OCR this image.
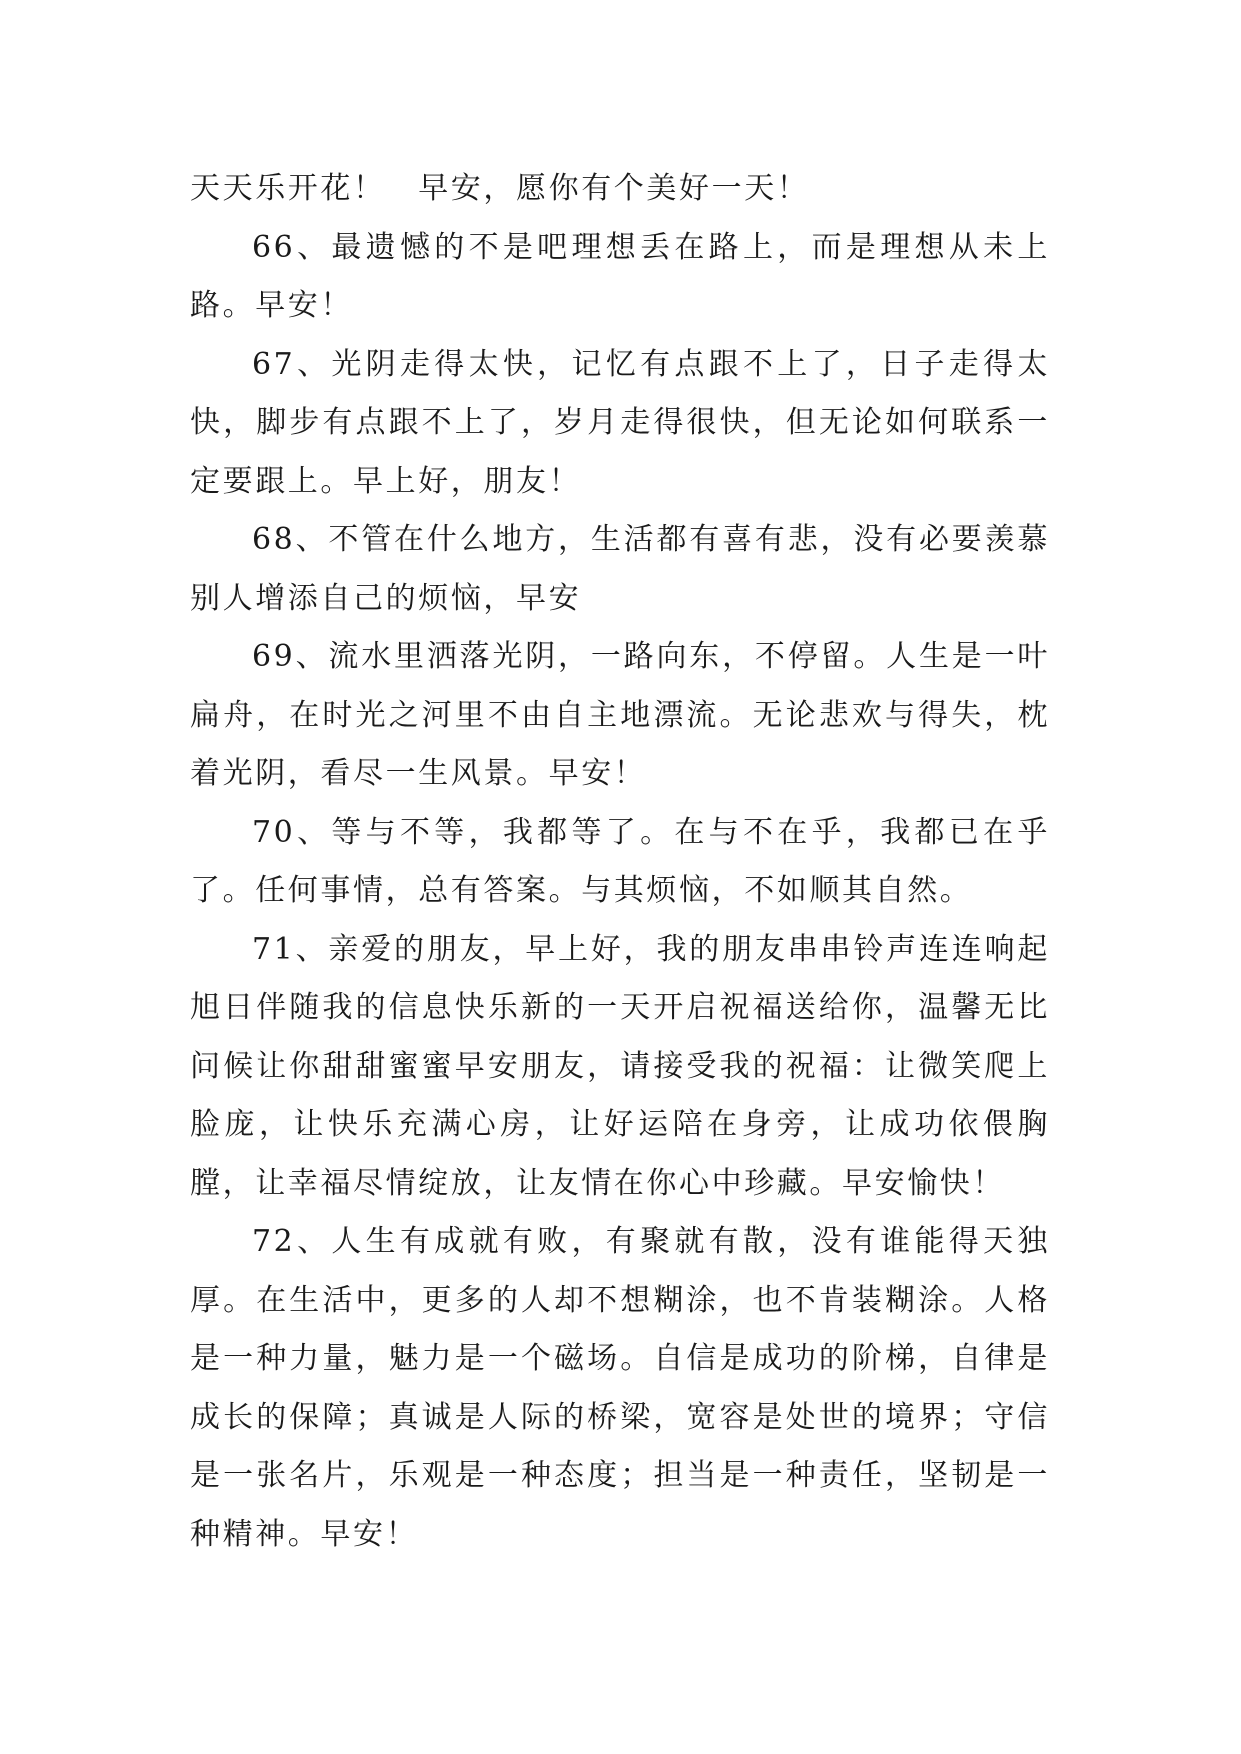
天天乐开花！　早安，愿你有个美好一天！

66、最遗憾的不是吧理想丢在路上，而是理想从未上路。早安！

67、光阴走得太快，记忆有点跟不上了，日子走得太快，脚步有点跟不上了，岁月走得很快，但无论如何联系一定要跟上。早上好，朋友！

68、不管在什么地方，生活都有喜有悲，没有必要羡慕别人增添自己的烦恼，早安

69、流水里洒落光阴，一路向东，不停留。人生是一叶扁舟，在时光之河里不由自主地漂流。无论悲欢与得失，枕着光阴，看尽一生风景。早安！

70、等与不等，我都等了。在与不在乎，我都已在乎了。任何事情，总有答案。与其烦恼，不如顺其自然。

71、亲爱的朋友，早上好，我的朋友串串铃声连连响起旭日伴随我的信息快乐新的一天开启祝福送给你，温馨无比问候让你甜甜蜜蜜早安朋友，请接受我的祝福：让微笑爬上脸庞，让快乐充满心房，让好运陪在身旁，让成功依偎胸膛，让幸福尽情绽放，让友情在你心中珍藏。早安愉快！

72、人生有成就有败，有聚就有散，没有谁能得天独厚。在生活中，更多的人却不想糊涂，也不肯装糊涂。人格是一种力量，魅力是一个磁场。自信是成功的阶梯，自律是成长的保障；真诚是人际的桥梁，宽容是处世的境界；守信是一张名片，乐观是一种态度；担当是一种责任，坚韧是一种精神。早安！
